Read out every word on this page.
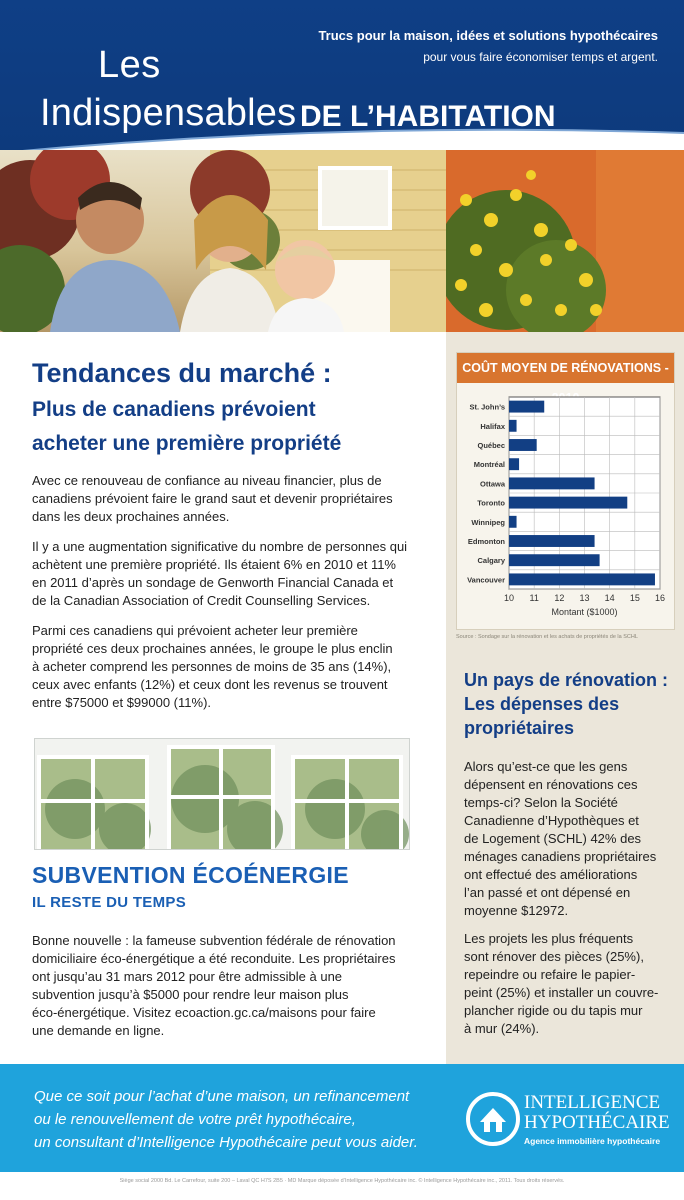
Les
Indispensables DE L’HABITATION
Trucs pour la maison, idées et solutions hypothécaires
pour vous faire économiser temps et argent.
Tendances du marché :
Plus de canadiens prévoient
acheter une première propriété
Avec ce renouveau de confiance au niveau financier, plus de
canadiens prévoient faire le grand saut et devenir propriétaires
dans les deux prochaines années.
Il y a une augmentation significative du nombre de personnes qui
achètent une première propriété. Ils étaient 6% en 2010 et 11%
en 2011 d’après un sondage de Genworth Financial Canada et
de la Canadian Association of Credit Counselling Services.
Parmi ces canadiens qui prévoient acheter leur première
propriété ces deux prochaines années, le groupe le plus enclin
à acheter comprend les personnes de moins de 35 ans (14%),
ceux avec enfants (12%) et ceux dont les revenus se trouvent
entre $75000 et $99000 (11%).
SUBVENTION ÉCOÉNERGIE
IL RESTE DU TEMPS
Bonne nouvelle : la fameuse subvention fédérale de rénovation
domiciliaire éco-énergétique a été reconduite. Les propriétaires
ont jusqu’au 31 mars 2012 pour être admissible à une
subvention jusqu’à $5000 pour rendre leur maison plus
éco-énergétique. Visitez ecoaction.gc.ca/maisons pour faire
une demande en ligne.
COÛT MOYEN DE RÉNOVATIONS -
10 11 12 13 14 15 16
St. John’s
Halifax
Québec
Montréal
Ottawa
Toronto
Winnipeg
Edmonton
Calgary
Vancouver
Montant ($1000)
Source : Sondage sur la rénovation et les achats de propriétés de la SCHL
Un pays de rénovation :
Les dépenses des
propriétaires
Alors qu’est-ce que les gens
dépensent en rénovations ces
temps-ci? Selon la Société
Canadienne d’Hypothèques et
de Logement (SCHL) 42% des
ménages canadiens propriétaires
ont effectué des améliorations
l’an passé et ont dépensé en
moyenne $12972.
Les projets les plus fréquents
sont rénover des pièces (25%),
repeindre ou refaire le papier-
peint (25%) et installer un couvre-
plancher rigide ou du tapis mur
à mur (24%).
Que ce soit pour l’achat d’une maison, un refinancement
ou le renouvellement de votre prêt hypothécaire,
un consultant d’Intelligence Hypothécaire peut vous aider.
INTELLIGENCE
HYPOTHÉCAIRE
Agence immobilière hypothécaire
Siège social 2000 Bd. Le Carrefour, suite 200 – Laval QC H7S 2B5 · MD Marque déposée d’Intelligence Hypothécaire inc. © Intelligence Hypothécaire inc., 2011. Tous droits réservés.
